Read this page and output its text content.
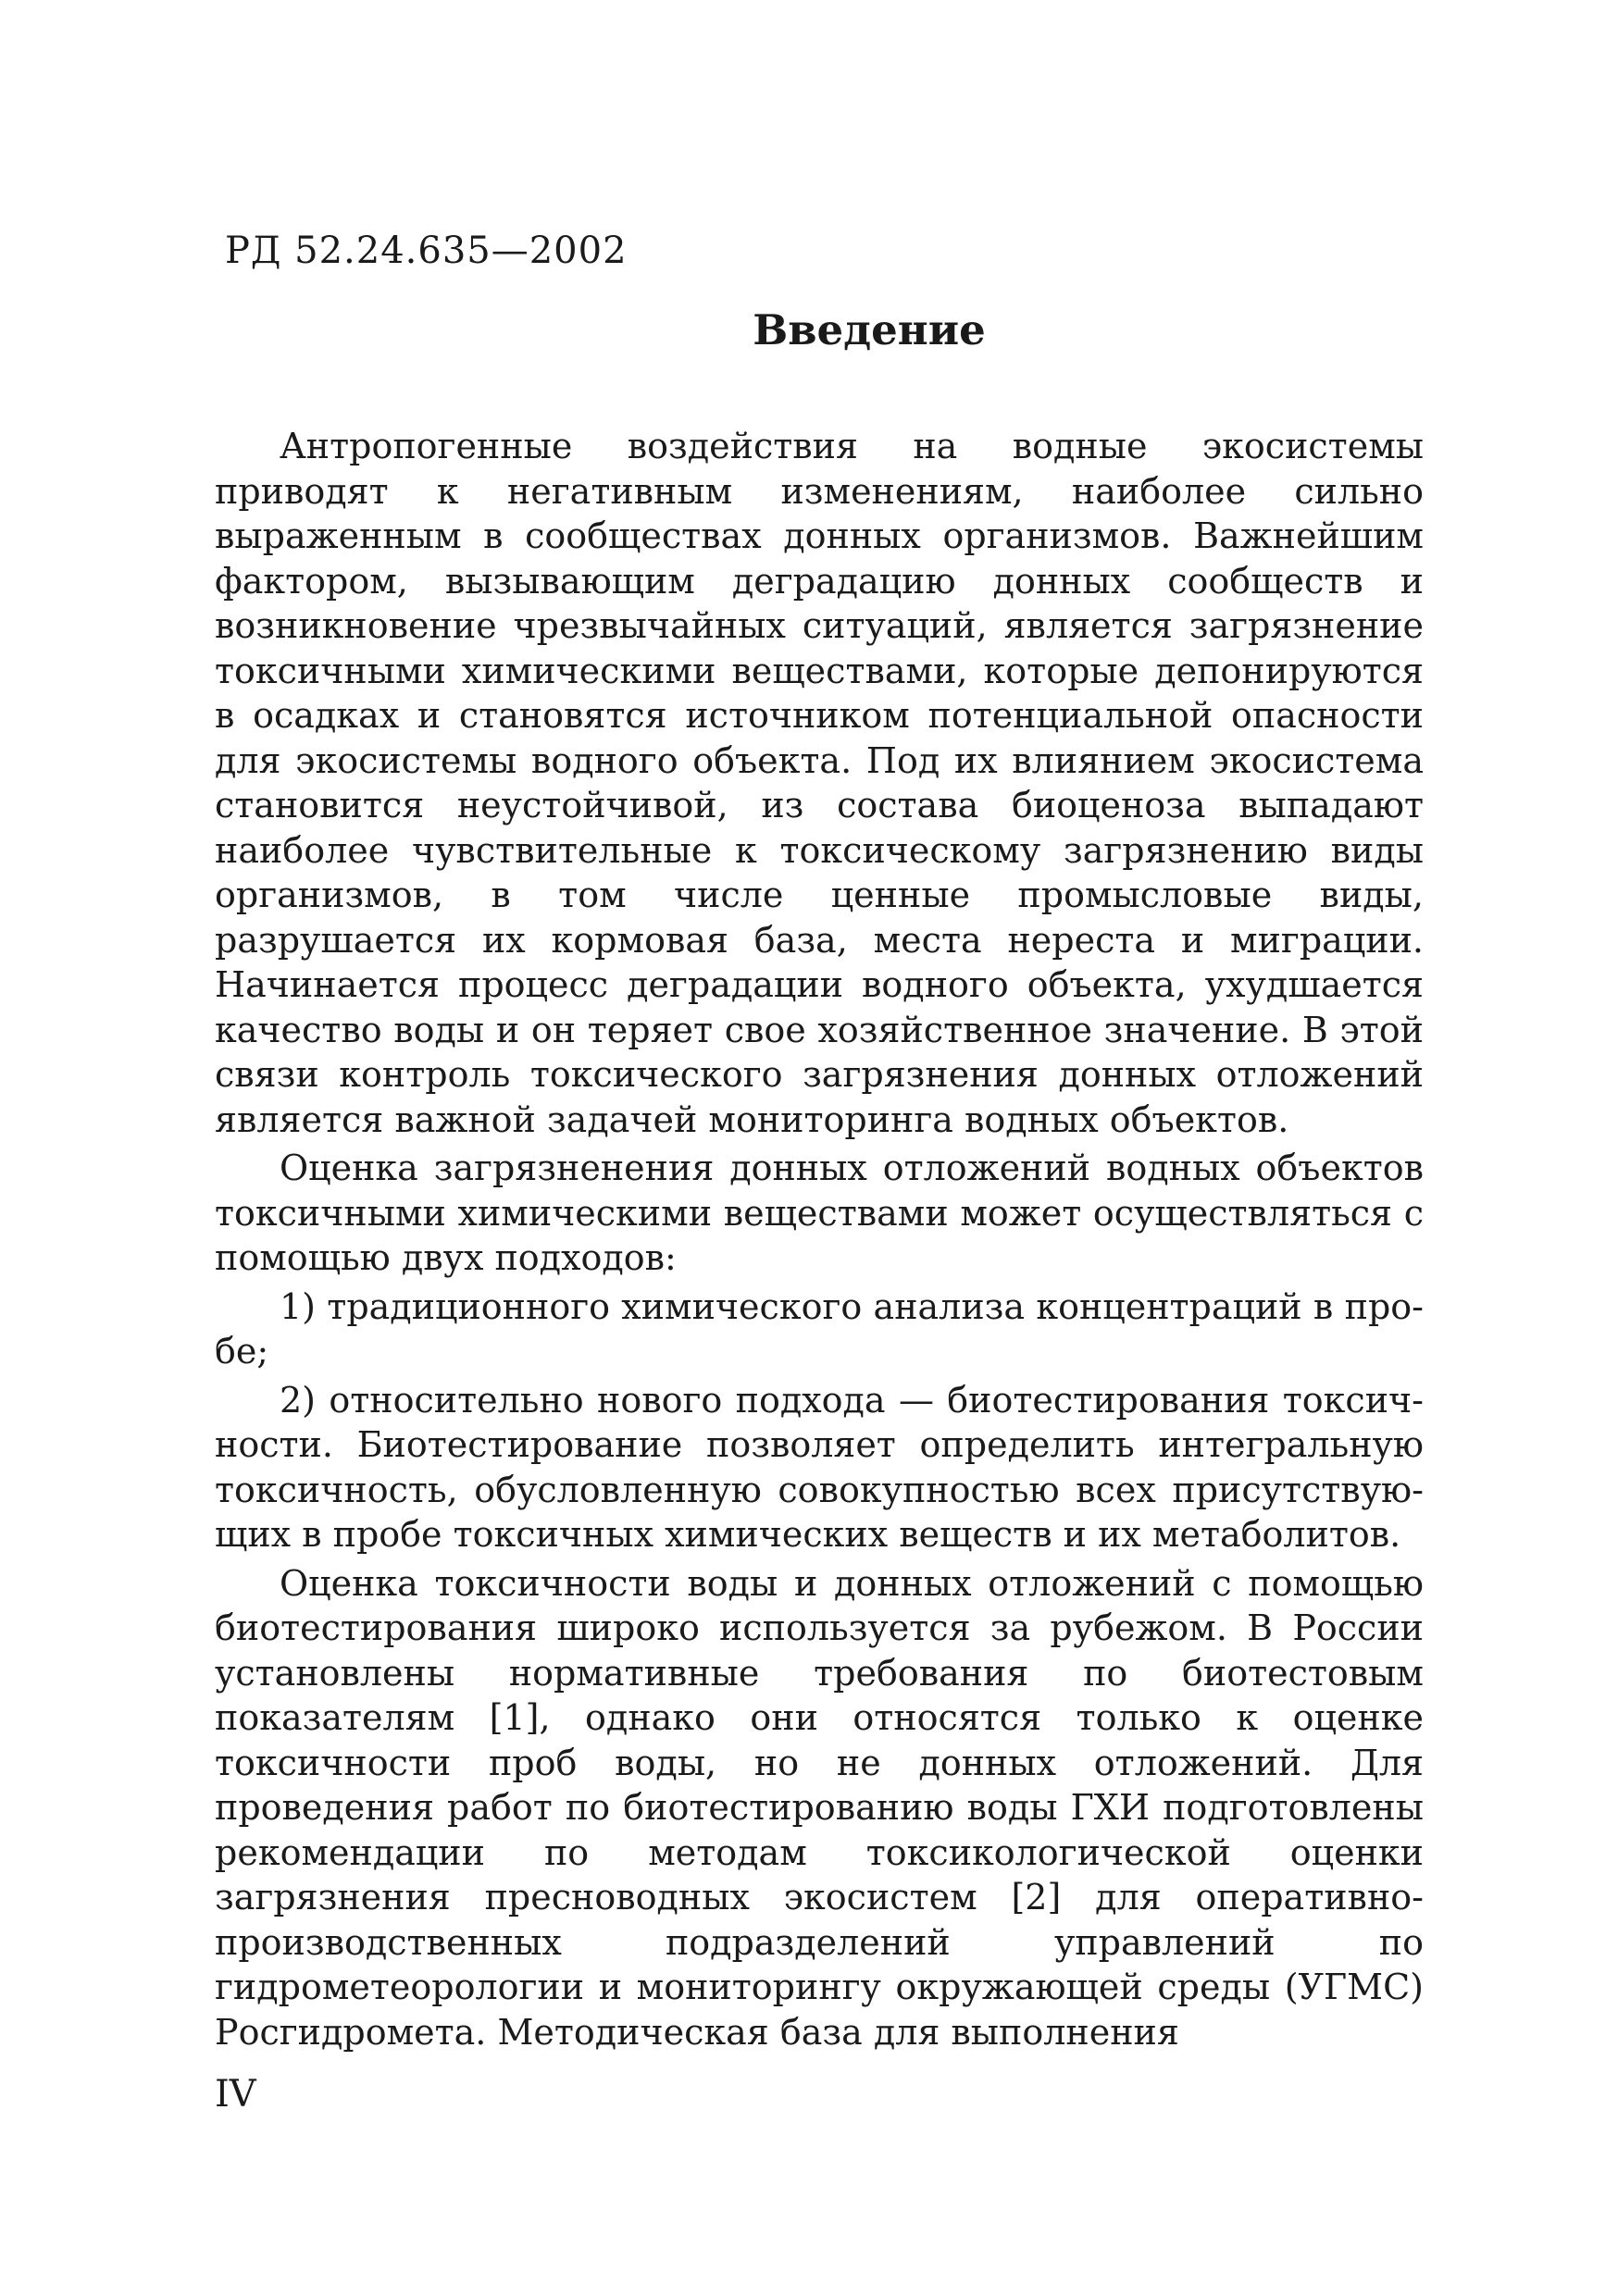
РД 52.24.635—2002
Введение

Антропогенные воздействия на водные экосистемы приводят к негативным изменениям, наиболее сильно выраженным в сообществах донных организмов. Важнейшим фактором, вызывающим деградацию донных сообществ и возникновение чрезвычайных ситуаций, является загрязнение токсичными химическими веществами, которые депонируются в осадках и становятся источником потенциальной опасности для экосистемы водного объекта. Под их влиянием экосистема становится неустойчивой, из состава биоценоза выпадают наиболее чувствительные к токсическому загрязнению виды организмов, в том числе ценные промысловые виды, разрушается их кормовая база, места нереста и миграции. Начинается процесс деградации водного объекта, ухудшается качество воды и он теряет свое хозяйственное значение. В этой связи контроль токсического загрязнения донных отложений является важной задачей мониторинга водных объектов.

Оценка загрязненения донных отложений водных объектов токсичными химическими веществами может осуществляться с помощью двух подходов:

1) традиционного химического анализа концентраций в пробе;

2) относительно нового подхода — биотестирования токсичности. Биотестирование позволяет определить интегральную токсичность, обусловленную совокупностью всех присутствующих в пробе токсичных химических веществ и их метаболитов.

Оценка токсичности воды и донных отложений с помощью биотестирования широко используется за рубежом. В России установлены нормативные требования по биотестовым показателям [1], однако они относятся только к оценке токсичности проб воды, но не донных отложений. Для проведения работ по биотестированию воды ГХИ подготовлены рекомендации по методам токсикологической оценки загрязнения пресноводных экосистем [2] для оперативно-производственных подразделений управлений по гидрометеорологии и мониторингу окружающей среды (УГМС) Росгидромета. Методическая база для выполнения

IV
